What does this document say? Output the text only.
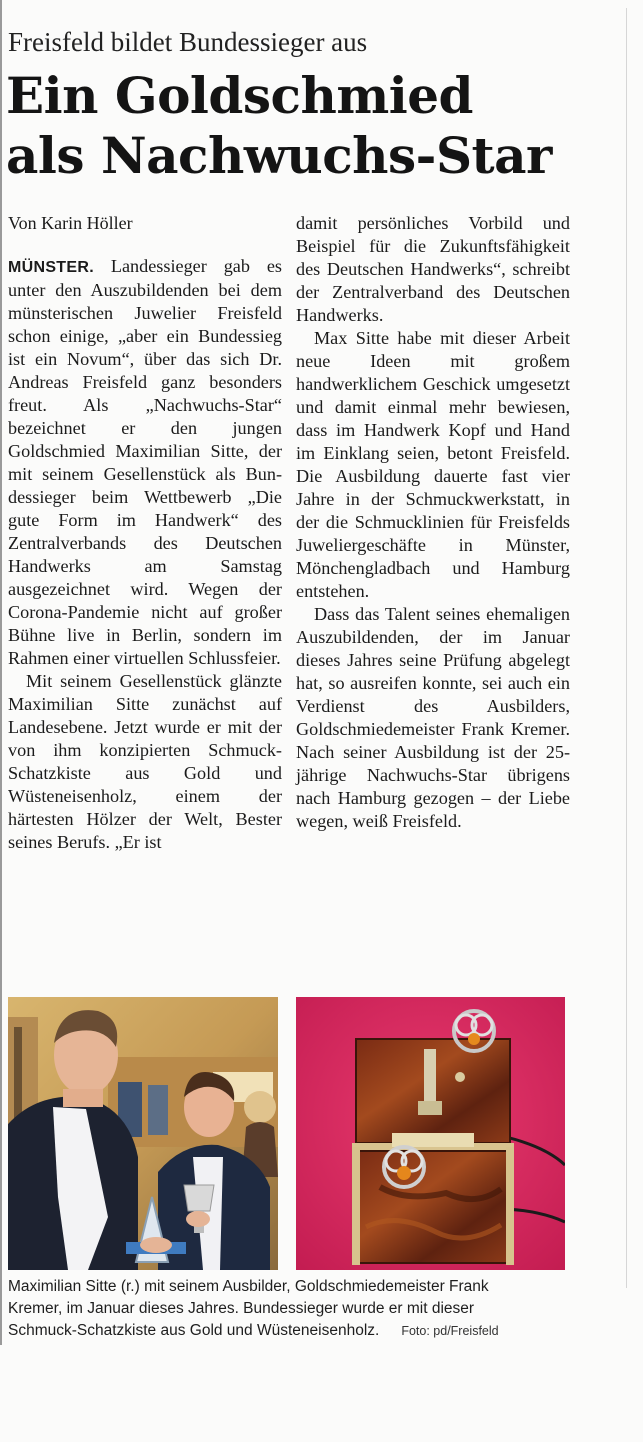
Freisfeld bildet Bundessieger aus
Ein Goldschmied
als Nachwuchs-Star
Von Karin Höller

MÜNSTER. Landessieger gab es unter den Auszubildenden bei dem münsterischen Juwelier Freisfeld schon einige, „aber ein Bundessieg ist ein Novum“, über das sich Dr. Andreas Freisfeld ganz besonders freut. Als „Nachwuchs-Star“ bezeichnet er den jungen Goldschmied Maximilian Sitte, der mit seinem Gesellenstück als Bundessieger beim Wettbewerb „Die gute Form im Handwerk“ des Zentralverbands des Deutschen Handwerks am Samstag ausgezeichnet wird. Wegen der Corona-Pandemie nicht auf großer Bühne live in Berlin, sondern im Rahmen einer virtuellen Schlussfeier.

Mit seinem Gesellenstück glänzte Maximilian Sitte zunächst auf Landesebene. Jetzt wurde er mit der von ihm konzipierten Schmuck-Schatzkiste aus Gold und Wüsteneisenholz, einem der härtesten Hölzer der Welt, Bester seines Berufs. „Er ist

damit persönliches Vorbild und Beispiel für die Zukunftsfähigkeit des Deutschen Handwerks“, schreibt der Zentralverband des Deutschen Handwerks.

Max Sitte habe mit dieser Arbeit neue Ideen mit großem handwerklichem Geschick umgesetzt und damit einmal mehr bewiesen, dass im Handwerk Kopf und Hand im Einklang seien, betont Freisfeld. Die Ausbildung dauerte fast vier Jahre in der Schmuckwerkstatt, in der die Schmucklinien für Freisfelds Juweliergeschäfte in Münster, Mönchengladbach und Hamburg entstehen.

Dass das Talent seines ehemaligen Auszubildenden, der im Januar dieses Jahres seine Prüfung abgelegt hat, so ausreifen konnte, sei auch ein Verdienst des Ausbilders, Goldschmiedemeister Frank Kremer. Nach seiner Ausbildung ist der 25-jährige Nachwuchs-Star übrigens nach Hamburg gezogen – der Liebe wegen, weiß Freisfeld.

Maximilian Sitte (r.) mit seinem Ausbilder, Goldschmiedemeister Frank
Kremer, im Januar dieses Jahres. Bundessieger wurde er mit dieser
Schmuck-Schatzkiste aus Gold und Wüsteneisenholz. Foto: pd/Freisfeld
